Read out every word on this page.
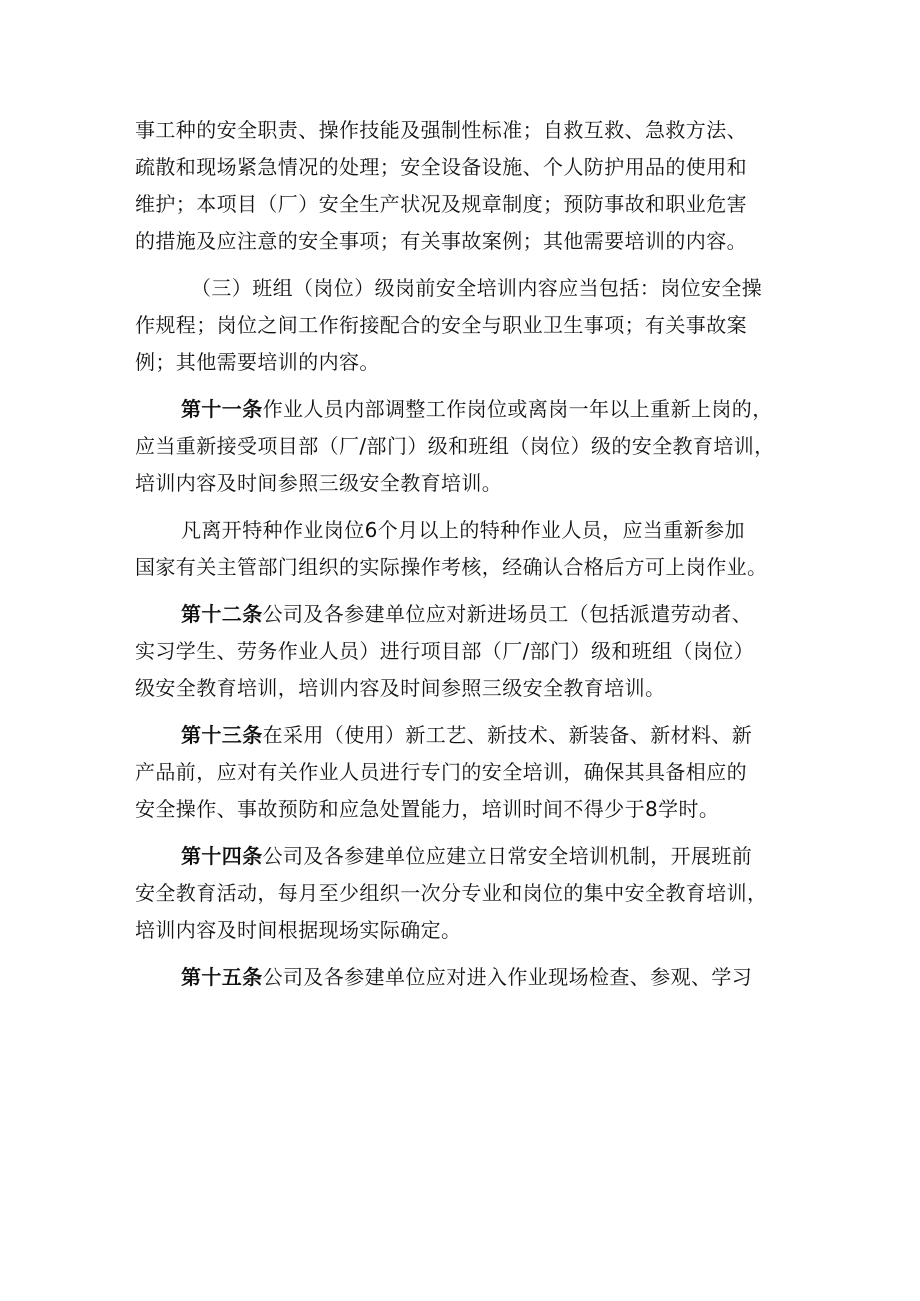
事工种的安全职责、操作技能及强制性标准；自救互救、急救方法、
疏散和现场紧急情况的处理；安全设备设施、个人防护用品的使用和
维护；本项目（厂）安全生产状况及规章制度；预防事故和职业危害
的措施及应注意的安全事项；有关事故案例；其他需要培训的内容。

（三）班组（岗位）级岗前安全培训内容应当包括：岗位安全操
作规程；岗位之间工作衔接配合的安全与职业卫生事项；有关事故案
例；其他需要培训的内容。

第十一条作业人员内部调整工作岗位或离岗一年以上重新上岗的，
应当重新接受项目部（厂/部门）级和班组（岗位）级的安全教育培训，
培训内容及时间参照三级安全教育培训。

凡离开特种作业岗位6个月以上的特种作业人员，应当重新参加
国家有关主管部门组织的实际操作考核，经确认合格后方可上岗作业。

第十二条公司及各参建单位应对新进场员工（包括派遣劳动者、
实习学生、劳务作业人员）进行项目部（厂/部门）级和班组（岗位）
级安全教育培训，培训内容及时间参照三级安全教育培训。

第十三条在采用（使用）新工艺、新技术、新装备、新材料、新
产品前，应对有关作业人员进行专门的安全培训，确保其具备相应的
安全操作、事故预防和应急处置能力，培训时间不得少于8学时。

第十四条公司及各参建单位应建立日常安全培训机制，开展班前
安全教育活动，每月至少组织一次分专业和岗位的集中安全教育培训，
培训内容及时间根据现场实际确定。

第十五条公司及各参建单位应对进入作业现场检查、参观、学习
